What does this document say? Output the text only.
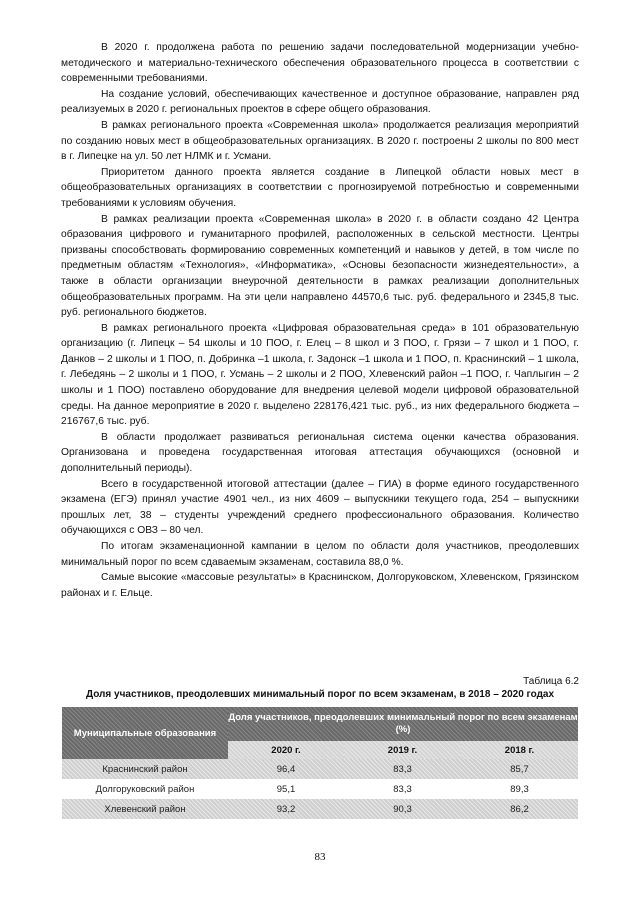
В 2020 г. продолжена работа по решению задачи последовательной модернизации учебно-методического и материально-технического обеспечения образовательного процесса в соответствии с современными требованиями.

На создание условий, обеспечивающих качественное и доступное образование, направлен ряд реализуемых в 2020 г. региональных проектов в сфере общего образования.

В рамках регионального проекта «Современная школа» продолжается реализация мероприятий по созданию новых мест в общеобразовательных организациях. В 2020 г. построены 2 школы по 800 мест в г. Липецке на ул. 50 лет НЛМК и г. Усмани.

Приоритетом данного проекта является создание в Липецкой области новых мест в общеобразовательных организациях в соответствии с прогнозируемой потребностью и современными требованиями к условиям обучения.

В рамках реализации проекта «Современная школа» в 2020 г. в области создано 42 Центра образования цифрового и гуманитарного профилей, расположенных в сельской местности. Центры призваны способствовать формированию современных компетенций и навыков у детей, в том числе по предметным областям «Технология», «Информатика», «Основы безопасности жизнедеятельности», а также в области организации внеурочной деятельности в рамках реализации дополнительных общеобразовательных программ. На эти цели направлено 44570,6 тыс. руб. федерального и 2345,8 тыс. руб. регионального бюджетов.

В рамках регионального проекта «Цифровая образовательная среда» в 101 образовательную организацию (г. Липецк – 54 школы и 10 ПОО, г. Елец – 8 школ и 3 ПОО, г. Грязи – 7 школ и 1 ПОО, г. Данков – 2 школы и 1 ПОО, п. Добринка –1 школа, г. Задонск –1 школа и 1 ПОО, п. Краснинский – 1 школа, г. Лебедянь – 2 школы и 1 ПОО, г. Усмань – 2 школы и 2 ПОО, Хлевенский район –1 ПОО, г. Чаплыгин – 2 школы и 1 ПОО) поставлено оборудование для внедрения целевой модели цифровой образовательной среды. На данное мероприятие в 2020 г. выделено 228176,421 тыс. руб., из них федерального бюджета – 216767,6 тыс. руб.

В области продолжает развиваться региональная система оценки качества образования. Организована и проведена государственная итоговая аттестация обучающихся (основной и дополнительный периоды).

Всего в государственной итоговой аттестации (далее – ГИА) в форме единого государственного экзамена (ЕГЭ) принял участие 4901 чел., из них 4609 – выпускники текущего года, 254 – выпускники прошлых лет, 38 – студенты учреждений среднего профессионального образования. Количество обучающихся с ОВЗ – 80 чел.

По итогам экзаменационной кампании в целом по области доля участников, преодолевших минимальный порог по всем сдаваемым экзаменам, составила 88,0 %.

Самые высокие «массовые результаты» в Краснинском, Долгоруковском, Хлевенском, Грязинском районах и г. Ельце.

Таблица 6.2
Доля участников, преодолевших минимальный порог по всем экзаменам, в 2018 – 2020 годах
Муниципальные образования	Доля участников, преодолевших минимальный порог по всем экзаменам (%)		
	2020 г.	2019 г.	2018 г.
Краснинский район	96,4	83,3	85,7
Долгоруковский район	95,1	83,3	89,3
Хлевенский район	93,2	90,3	86,2
83
